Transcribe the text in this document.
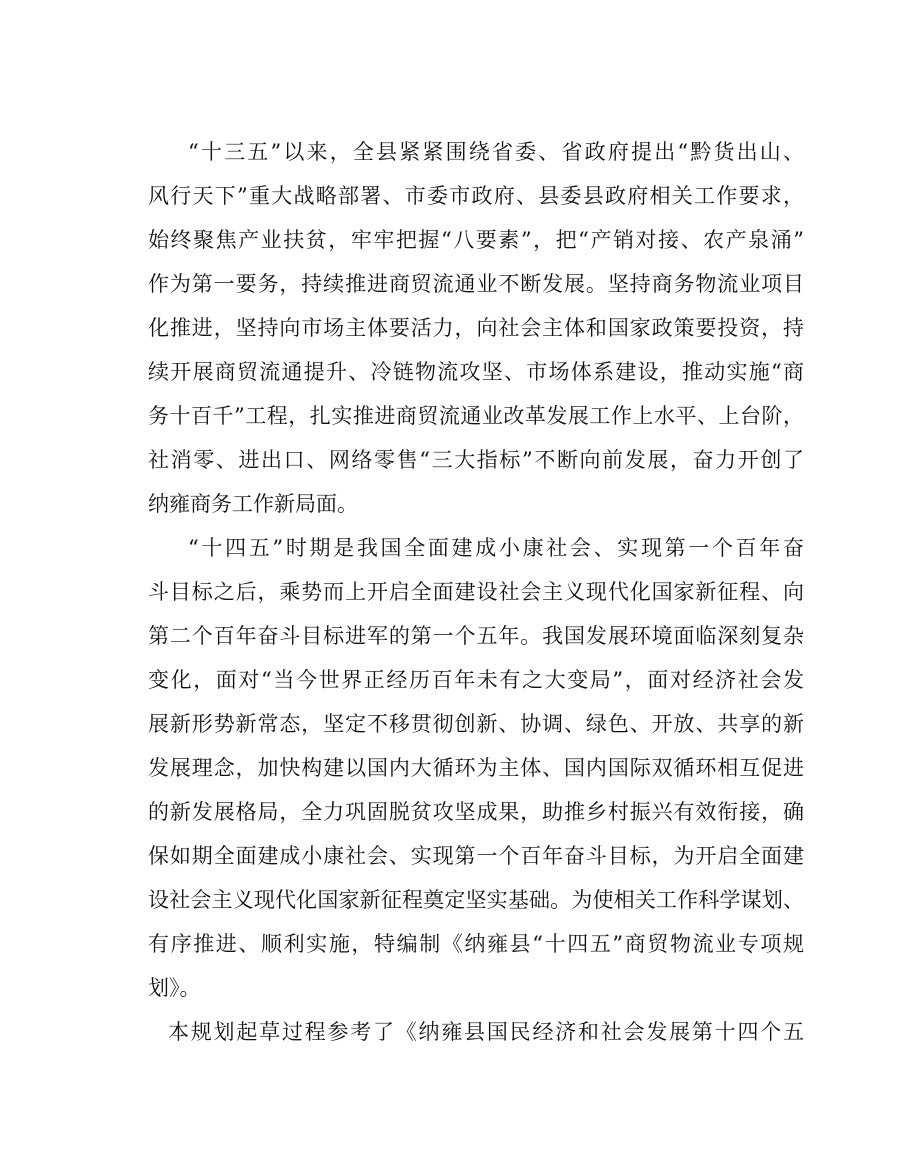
“十三五”以来，全县紧紧围绕省委、省政府提出“黔货出山、
风行天下”重大战略部署、市委市政府、县委县政府相关工作要求，
始终聚焦产业扶贫，牢牢把握“八要素”，把“产销对接、农产泉涌”
作为第一要务，持续推进商贸流通业不断发展。坚持商务物流业项目
化推进，坚持向市场主体要活力，向社会主体和国家政策要投资，持
续开展商贸流通提升、冷链物流攻坚、市场体系建设，推动实施“商
务十百千”工程，扎实推进商贸流通业改革发展工作上水平、上台阶，
社消零、进出口、网络零售“三大指标”不断向前发展，奋力开创了
纳雍商务工作新局面。
“十四五”时期是我国全面建成小康社会、实现第一个百年奋
斗目标之后，乘势而上开启全面建设社会主义现代化国家新征程、向
第二个百年奋斗目标进军的第一个五年。我国发展环境面临深刻复杂
变化，面对“当今世界正经历百年未有之大变局”，面对经济社会发
展新形势新常态，坚定不移贯彻创新、协调、绿色、开放、共享的新
发展理念，加快构建以国内大循环为主体、国内国际双循环相互促进
的新发展格局，全力巩固脱贫攻坚成果，助推乡村振兴有效衔接，确
保如期全面建成小康社会、实现第一个百年奋斗目标，为开启全面建
设社会主义现代化国家新征程奠定坚实基础。为使相关工作科学谋划、
有序推进、顺利实施，特编制《纳雍县“十四五”商贸物流业专项规
划》。
本规划起草过程参考了《纳雍县国民经济和社会发展第十四个五
